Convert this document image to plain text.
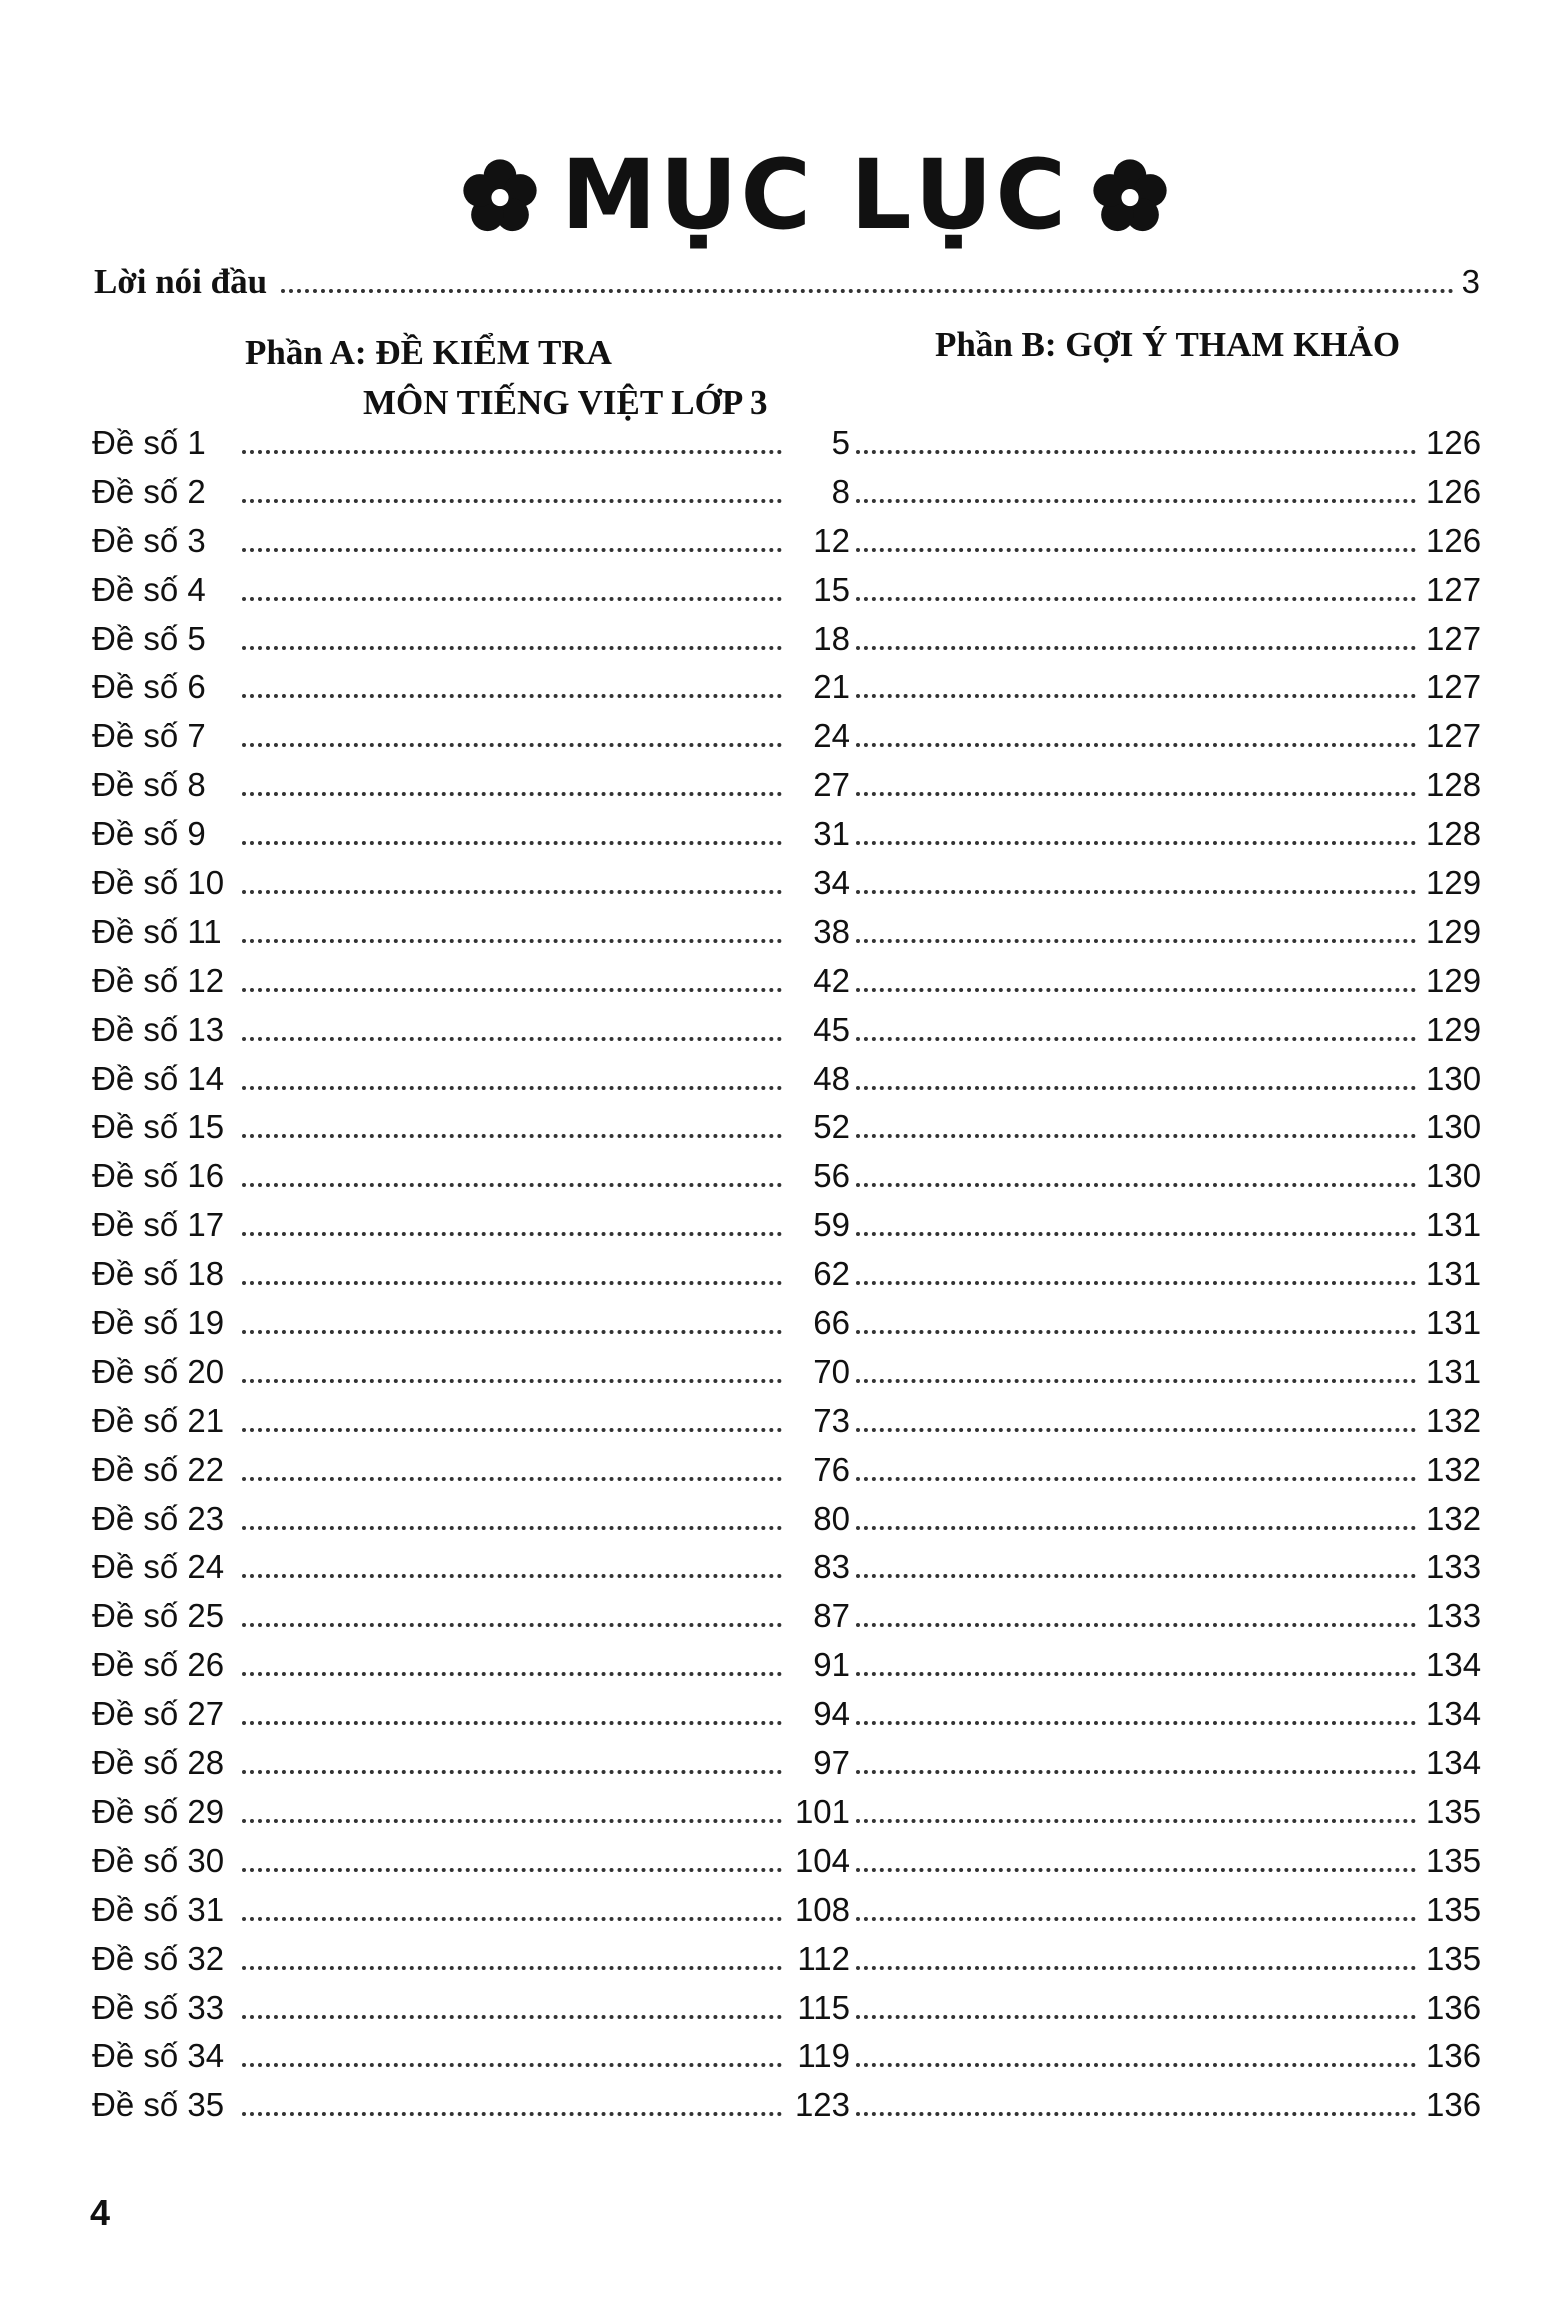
MỤC LỤC
Lời nói đầu	3
Phần A: ĐỀ KIỂM TRA
MÔN TIẾNG VIỆT LỚP 3
Phần B: GỢI Ý THAM KHẢO
Đề số 1	5	126
Đề số 2	8	126
Đề số 3	12	126
Đề số 4	15	127
Đề số 5	18	127
Đề số 6	21	127
Đề số 7	24	127
Đề số 8	27	128
Đề số 9	31	128
Đề số 10	34	129
Đề số 11	38	129
Đề số 12	42	129
Đề số 13	45	129
Đề số 14	48	130
Đề số 15	52	130
Đề số 16	56	130
Đề số 17	59	131
Đề số 18	62	131
Đề số 19	66	131
Đề số 20	70	131
Đề số 21	73	132
Đề số 22	76	132
Đề số 23	80	132
Đề số 24	83	133
Đề số 25	87	133
Đề số 26	91	134
Đề số 27	94	134
Đề số 28	97	134
Đề số 29	101	135
Đề số 30	104	135
Đề số 31	108	135
Đề số 32	112	135
Đề số 33	115	136
Đề số 34	119	136
Đề số 35	123	136
4
